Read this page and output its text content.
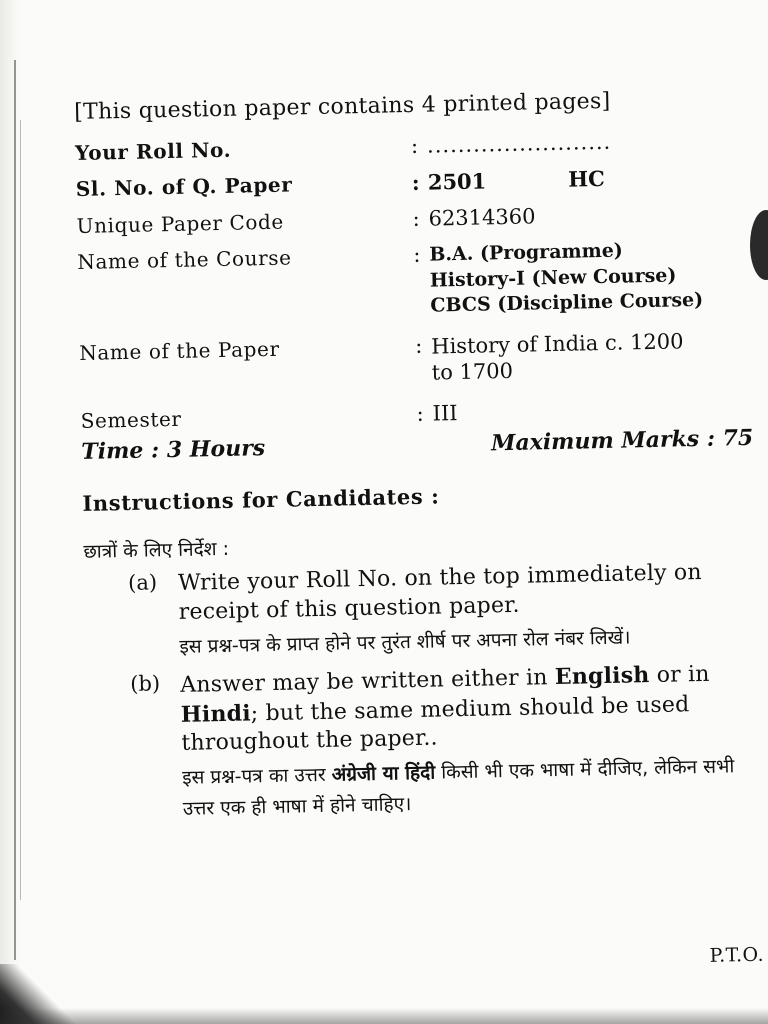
[This question paper contains 4 printed pages]
Your Roll No.	: ........................
Sl. No. of Q. Paper	: 2501	HC
Unique Paper Code	: 62314360
Name of the Course	: B.A. (Programme)
History-I (New Course)
CBCS (Discipline Course)
Name of the Paper	: History of India c. 1200
to 1700
Semester	: III
Time : 3 Hours	Maximum Marks : 75
Instructions for Candidates :
छात्रों के लिए निर्देश :
(a) Write your Roll No. on the top immediately on receipt of this question paper.
इस प्रश्न-पत्र के प्राप्त होने पर तुरंत शीर्ष पर अपना रोल नंबर लिखें।
(b) Answer may be written either in English or in Hindi; but the same medium should be used throughout the paper..
इस प्रश्न-पत्र का उत्तर अंग्रेजी या हिंदी किसी भी एक भाषा में दीजिए, लेकिन सभी उत्तर एक ही भाषा में होने चाहिए।
P.T.O.
